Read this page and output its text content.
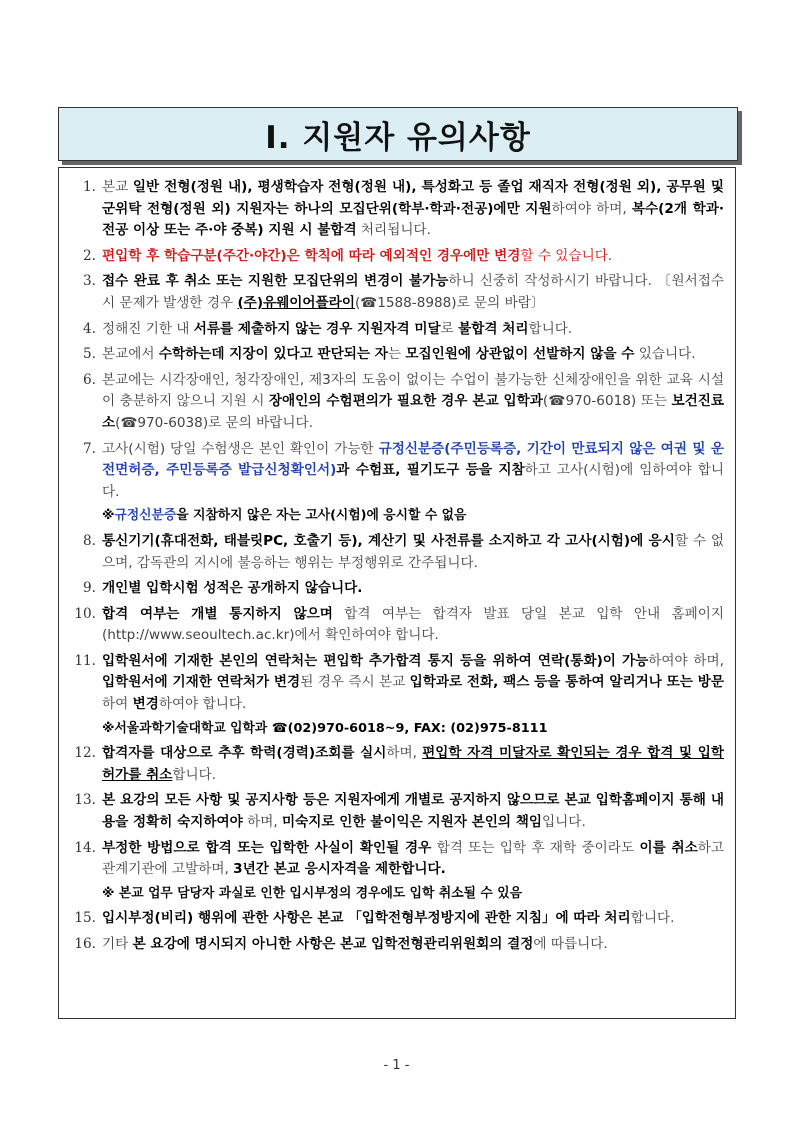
Ⅰ. 지원자 유의사항
1. 본교 일반 전형(정원 내), 평생학습자 전형(정원 내), 특성화고 등 졸업 재직자 전형(정원 외), 공무원 및 군위탁 전형(정원 외) 지원자는 하나의 모집단위(학부·학과·전공)에만 지원하여야 하며, 복수(2개 학과·전공 이상 또는 주·야 중복) 지원 시 불합격 처리됩니다.
2. 편입학 후 학습구분(주간·야간)은 학칙에 따라 예외적인 경우에만 변경할 수 있습니다.
3. 접수 완료 후 취소 또는 지원한 모집단위의 변경이 불가능하니 신중히 작성하시기 바랍니다. 〔원서접수 시 문제가 발생한 경우 (주)유웨이어플라이(☎1588-8988)로 문의 바람〕
4. 정해진 기한 내 서류를 제출하지 않는 경우 지원자격 미달로 불합격 처리합니다.
5. 본교에서 수학하는데 지장이 있다고 판단되는 자는 모집인원에 상관없이 선발하지 않을 수 있습니다.
6. 본교에는 시각장애인, 청각장애인, 제3자의 도움이 없이는 수업이 불가능한 신체장애인을 위한 교육 시설이 충분하지 않으니 지원 시 장애인의 수험편의가 필요한 경우 본교 입학과(☎970-6018) 또는 보건진료소(☎970-6038)로 문의 바랍니다.
7. 고사(시험) 당일 수험생은 본인 확인이 가능한 규정신분증(주민등록증, 기간이 만료되지 않은 여권 및 운전면허증, 주민등록증 발급신청확인서)과 수험표, 필기도구 등을 지참하고 고사(시험)에 임하여야 합니다.
※규정신분증을 지참하지 않은 자는 고사(시험)에 응시할 수 없음
8. 통신기기(휴대전화, 태블릿PC, 호출기 등), 계산기 및 사전류를 소지하고 각 고사(시험)에 응시할 수 없으며, 감독관의 지시에 불응하는 행위는 부정행위로 간주됩니다.
9. 개인별 입학시험 성적은 공개하지 않습니다.
10. 합격 여부는 개별 통지하지 않으며 합격 여부는 합격자 발표 당일 본교 입학 안내 홈페이지(http://www.seoultech.ac.kr)에서 확인하여야 합니다.
11. 입학원서에 기재한 본인의 연락처는 편입학 추가합격 통지 등을 위하여 연락(통화)이 가능하여야 하며, 입학원서에 기재한 연락처가 변경된 경우 즉시 본교 입학과로 전화, 팩스 등을 통하여 알리거나 또는 방문하여 변경하여야 합니다.
※서울과학기술대학교 입학과 ☎(02)970-6018~9, FAX: (02)975-8111
12. 합격자를 대상으로 추후 학력(경력)조회를 실시하며, 편입학 자격 미달자로 확인되는 경우 합격 및 입학허가를 취소합니다.
13. 본 요강의 모든 사항 및 공지사항 등은 지원자에게 개별로 공지하지 않으므로 본교 입학홈페이지 통해 내용을 정확히 숙지하여야 하며, 미숙지로 인한 불이익은 지원자 본인의 책임입니다.
14. 부정한 방법으로 합격 또는 입학한 사실이 확인될 경우 합격 또는 입학 후 재학 중이라도 이를 취소하고 관계기관에 고발하며, 3년간 본교 응시자격을 제한합니다.
※ 본교 업무 담당자 과실로 인한 입시부정의 경우에도 입학 취소될 수 있음
15. 입시부정(비리) 행위에 관한 사항은 본교 「입학전형부정방지에 관한 지침」에 따라 처리합니다.
16. 기타 본 요강에 명시되지 아니한 사항은 본교 입학전형관리위원회의 결정에 따릅니다.
- 1 -
